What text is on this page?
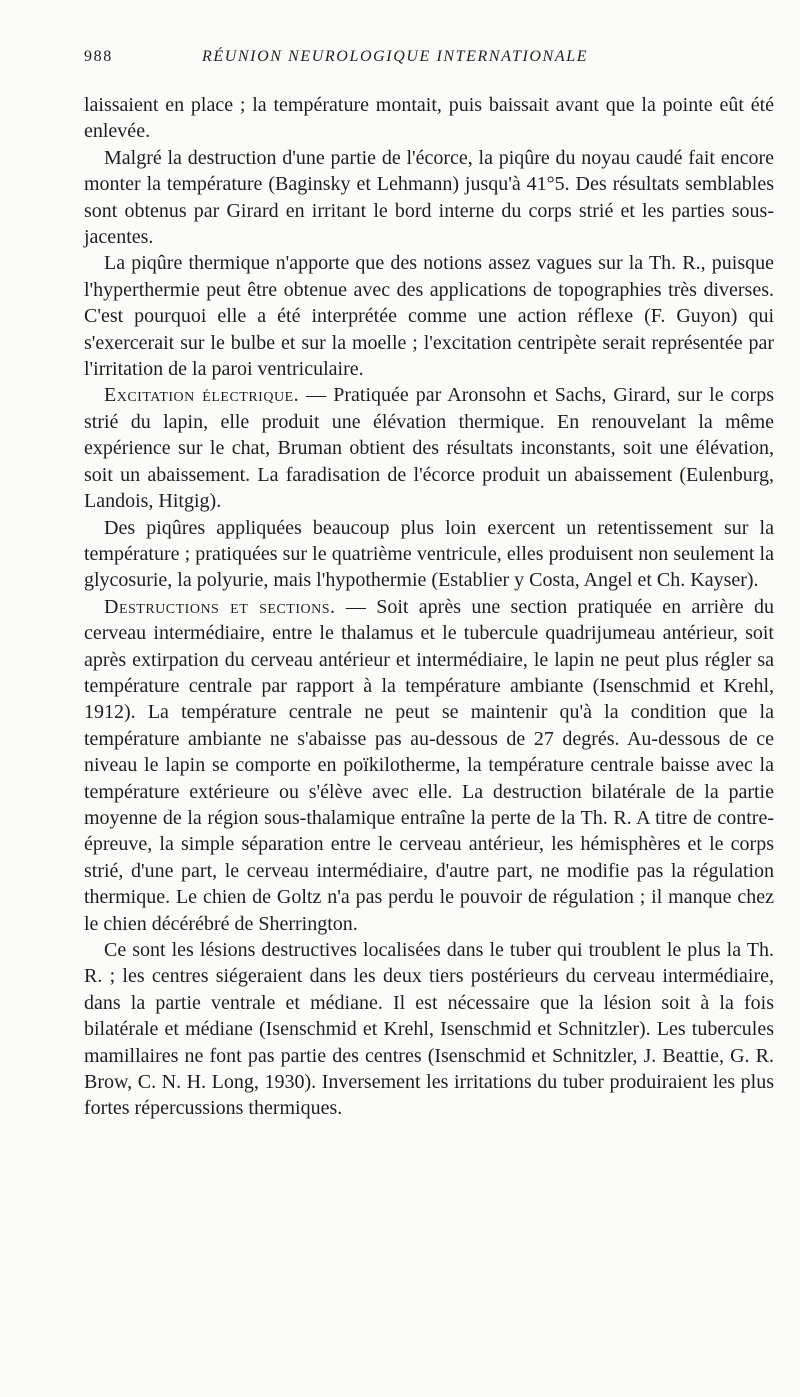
988	RÉUNION NEUROLOGIQUE INTERNATIONALE

laissaient en place ; la température montait, puis baissait avant que la pointe eût été enlevée.

Malgré la destruction d'une partie de l'écorce, la piqûre du noyau caudé fait encore monter la température (Baginsky et Lehmann) jusqu'à 41°5. Des résultats semblables sont obtenus par Girard en irritant le bord interne du corps strié et les parties sous-jacentes.

La piqûre thermique n'apporte que des notions assez vagues sur la Th. R., puisque l'hyperthermie peut être obtenue avec des applications de topographies très diverses. C'est pourquoi elle a été interprétée comme une action réflexe (F. Guyon) qui s'exercerait sur le bulbe et sur la moelle ; l'excitation centripète serait représentée par l'irritation de la paroi ventriculaire.

Excitation électrique. — Pratiquée par Aronsohn et Sachs, Girard, sur le corps strié du lapin, elle produit une élévation thermique. En renouvelant la même expérience sur le chat, Bruman obtient des résultats inconstants, soit une élévation, soit un abaissement. La faradisation de l'écorce produit un abaissement (Eulenburg, Landois, Hitgig).

Des piqûres appliquées beaucoup plus loin exercent un retentissement sur la température ; pratiquées sur le quatrième ventricule, elles produisent non seulement la glycosurie, la polyurie, mais l'hypothermie (Establier y Costa, Angel et Ch. Kayser).

Destructions et sections. — Soit après une section pratiquée en arrière du cerveau intermédiaire, entre le thalamus et le tubercule quadrijumeau antérieur, soit après extirpation du cerveau antérieur et intermédiaire, le lapin ne peut plus régler sa température centrale par rapport à la température ambiante (Isenschmid et Krehl, 1912). La température centrale ne peut se maintenir qu'à la condition que la température ambiante ne s'abaisse pas au-dessous de 27 degrés. Au-dessous de ce niveau le lapin se comporte en poïkilotherme, la température centrale baisse avec la température extérieure ou s'élève avec elle. La destruction bilatérale de la partie moyenne de la région sous-thalamique entraîne la perte de la Th. R. A titre de contre-épreuve, la simple séparation entre le cerveau antérieur, les hémisphères et le corps strié, d'une part, le cerveau intermédiaire, d'autre part, ne modifie pas la régulation thermique. Le chien de Goltz n'a pas perdu le pouvoir de régulation ; il manque chez le chien décérébré de Sherrington.

Ce sont les lésions destructives localisées dans le tuber qui troublent le plus la Th. R. ; les centres siégeraient dans les deux tiers postérieurs du cerveau intermédiaire, dans la partie ventrale et médiane. Il est nécessaire que la lésion soit à la fois bilatérale et médiane (Isenschmid et Krehl, Isenschmid et Schnitzler). Les tubercules mamillaires ne font pas partie des centres (Isenschmid et Schnitzler, J. Beattie, G. R. Brow, C. N. H. Long, 1930). Inversement les irritations du tuber produiraient les plus fortes répercussions thermiques.
